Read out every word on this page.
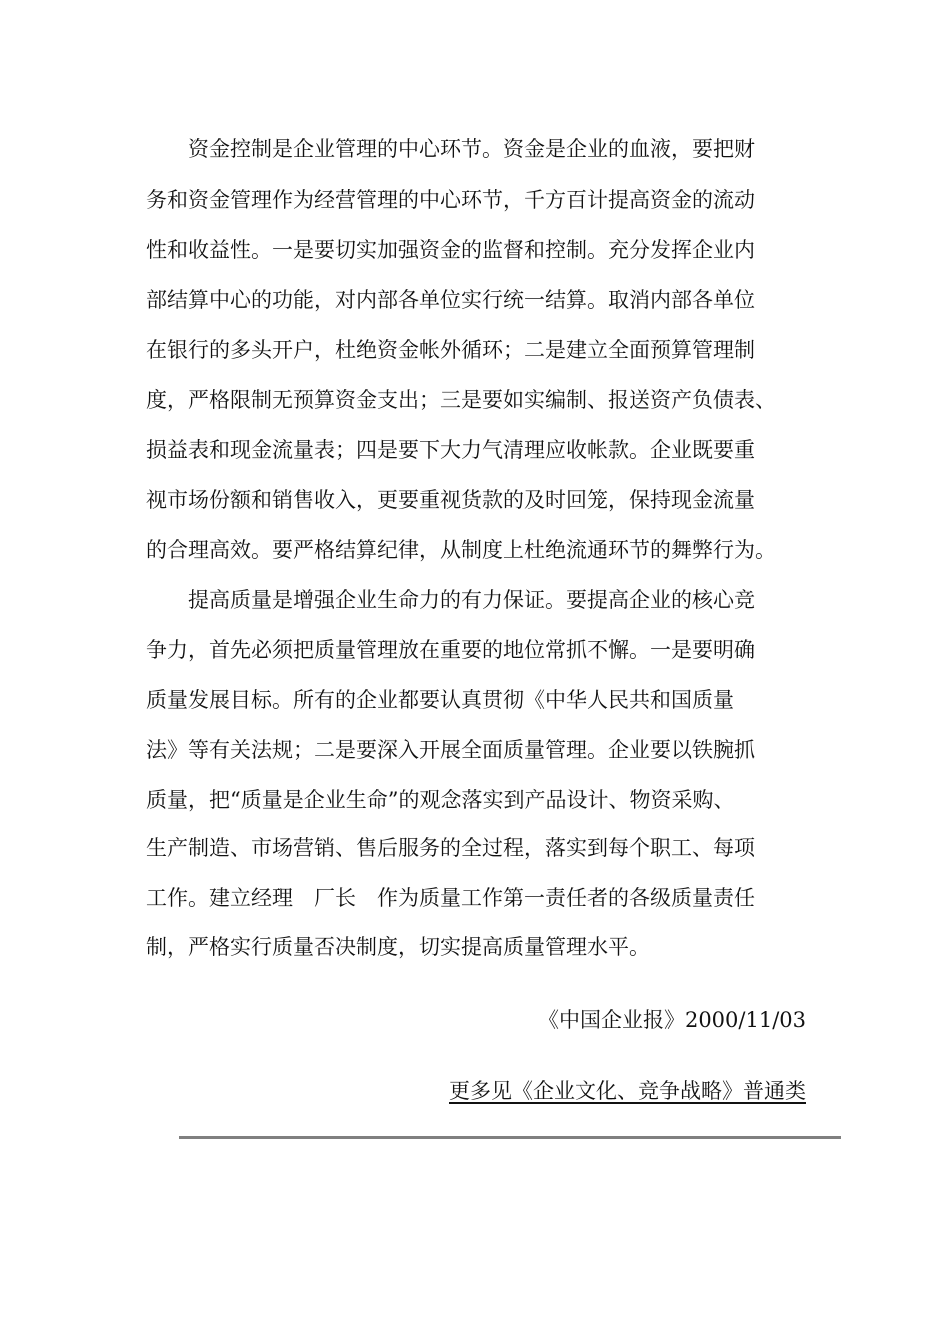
　　资金控制是企业管理的中心环节。资金是企业的血液，要把财
务和资金管理作为经营管理的中心环节，千方百计提高资金的流动
性和收益性。一是要切实加强资金的监督和控制。充分发挥企业内
部结算中心的功能，对内部各单位实行统一结算。取消内部各单位
在银行的多头开户，杜绝资金帐外循环；二是建立全面预算管理制
度，严格限制无预算资金支出；三是要如实编制、报送资产负债表、
损益表和现金流量表；四是要下大力气清理应收帐款。企业既要重
视市场份额和销售收入，更要重视货款的及时回笼，保持现金流量
的合理高效。要严格结算纪律，从制度上杜绝流通环节的舞弊行为。
　　提高质量是增强企业生命力的有力保证。要提高企业的核心竞
争力，首先必须把质量管理放在重要的地位常抓不懈。一是要明确
质量发展目标。所有的企业都要认真贯彻《中华人民共和国质量
法》等有关法规；二是要深入开展全面质量管理。企业要以铁腕抓
质量，把“质量是企业生命”的观念落实到产品设计、物资采购、
生产制造、市场营销、售后服务的全过程，落实到每个职工、每项
工作。建立经理　厂长　作为质量工作第一责任者的各级质量责任
制，严格实行质量否决制度，切实提高质量管理水平。
《中国企业报》2000/11/03
更多见《企业文化、竞争战略》普通类
